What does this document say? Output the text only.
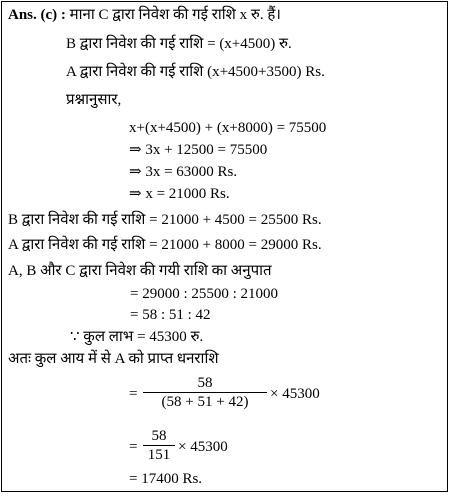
Ans. (c) : माना C द्वारा निवेश की गई राशि x रु. हैं।
B द्वारा निवेश की गई राशि = (x+4500) रु.
A द्वारा निवेश की गई राशि (x+4500+3500) Rs.
प्रश्नानुसार,
x+(x+4500) + (x+8000) = 75500
⇒ 3x + 12500 = 75500
⇒ 3x = 63000 Rs.
⇒ x = 21000 Rs.
B द्वारा निवेश की गई राशि = 21000 + 4500 = 25500 Rs.
A द्वारा निवेश की गई राशि = 21000 + 8000 = 29000 Rs.
A, B और C द्वारा निवेश की गयी राशि का अनुपात
= 29000 : 25500 : 21000
= 58 : 51 : 42
∵ कुल लाभ = 45300 रु.
अतः कुल आय में से A को प्राप्त धनराशि
=
58
(58 + 51 + 42) × 45300
=
58
151 × 45300
= 17400 Rs.
